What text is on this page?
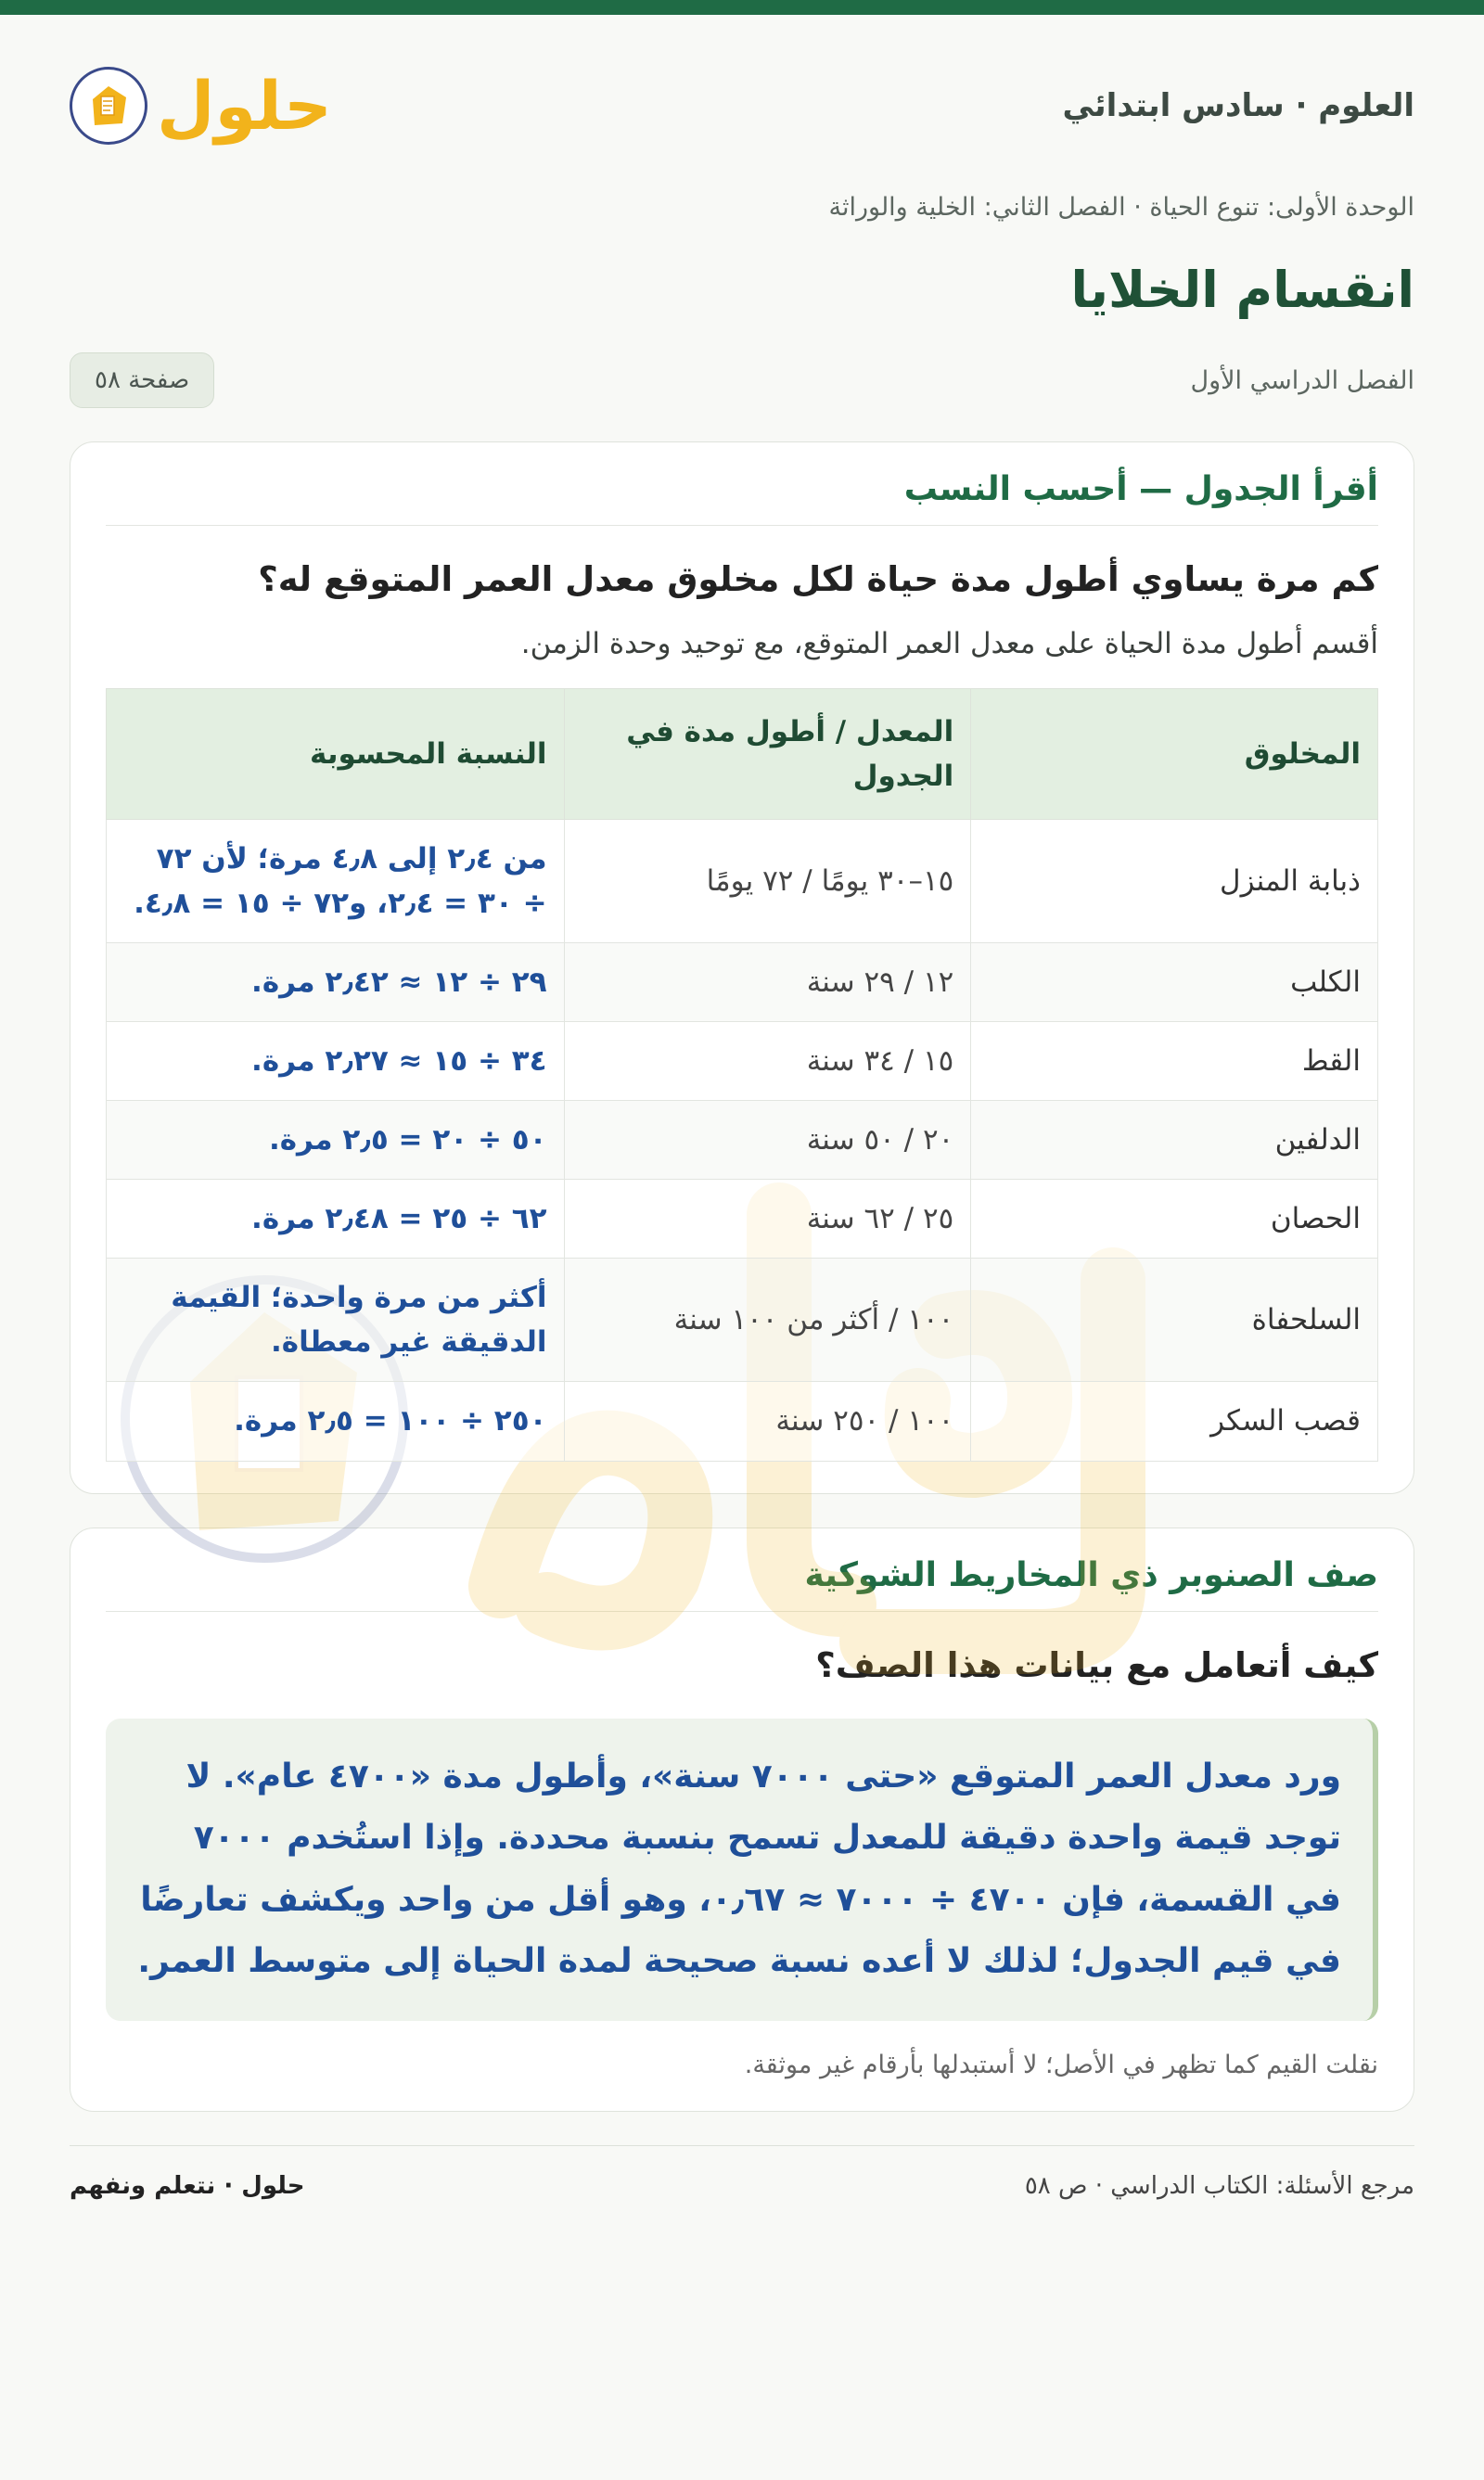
العلوم · سادس ابتدائي
حلول
الوحدة الأولى: تنوع الحياة · الفصل الثاني: الخلية والوراثة
انقسام الخلايا
الفصل الدراسي الأول
صفحة ٥٨
أقرأ الجدول — أحسب النسب
كم مرة يساوي أطول مدة حياة لكل مخلوق معدل العمر المتوقع له؟
أقسم أطول مدة الحياة على معدل العمر المتوقع، مع توحيد وحدة الزمن.
المخلوق	المعدل / أطول مدة في الجدول	النسبة المحسوبة
ذبابة المنزل	١٥–٣٠ يومًا / ٧٢ يومًا	من ٢٫٤ إلى ٤٫٨ مرة؛ لأن ٧٢ ÷ ٣٠ = ٢٫٤، و٧٢ ÷ ١٥ = ٤٫٨.
الكلب	١٢ / ٢٩ سنة	٢٩ ÷ ١٢ ≈ ٢٫٤٢ مرة.
القط	١٥ / ٣٤ سنة	٣٤ ÷ ١٥ ≈ ٢٫٢٧ مرة.
الدلفين	٢٠ / ٥٠ سنة	٥٠ ÷ ٢٠ = ٢٫٥ مرة.
الحصان	٢٥ / ٦٢ سنة	٦٢ ÷ ٢٥ = ٢٫٤٨ مرة.
السلحفاة	١٠٠ / أكثر من ١٠٠ سنة	أكثر من مرة واحدة؛ القيمة الدقيقة غير معطاة.
قصب السكر	١٠٠ / ٢٥٠ سنة	٢٥٠ ÷ ١٠٠ = ٢٫٥ مرة.
صف الصنوبر ذي المخاريط الشوكية
كيف أتعامل مع بيانات هذا الصف؟
ورد معدل العمر المتوقع «حتى ٧٠٠٠ سنة»، وأطول مدة «٤٧٠٠ عام». لا توجد قيمة واحدة دقيقة للمعدل تسمح بنسبة محددة. وإذا استُخدم ٧٠٠٠ في القسمة، فإن ٤٧٠٠ ÷ ٧٠٠٠ ≈ ٠٫٦٧، وهو أقل من واحد ويكشف تعارضًا في قيم الجدول؛ لذلك لا أعده نسبة صحيحة لمدة الحياة إلى متوسط العمر.
نقلت القيم كما تظهر في الأصل؛ لا أستبدلها بأرقام غير موثقة.
مرجع الأسئلة: الكتاب الدراسي · ص ٥٨
حلول · نتعلم ونفهم
